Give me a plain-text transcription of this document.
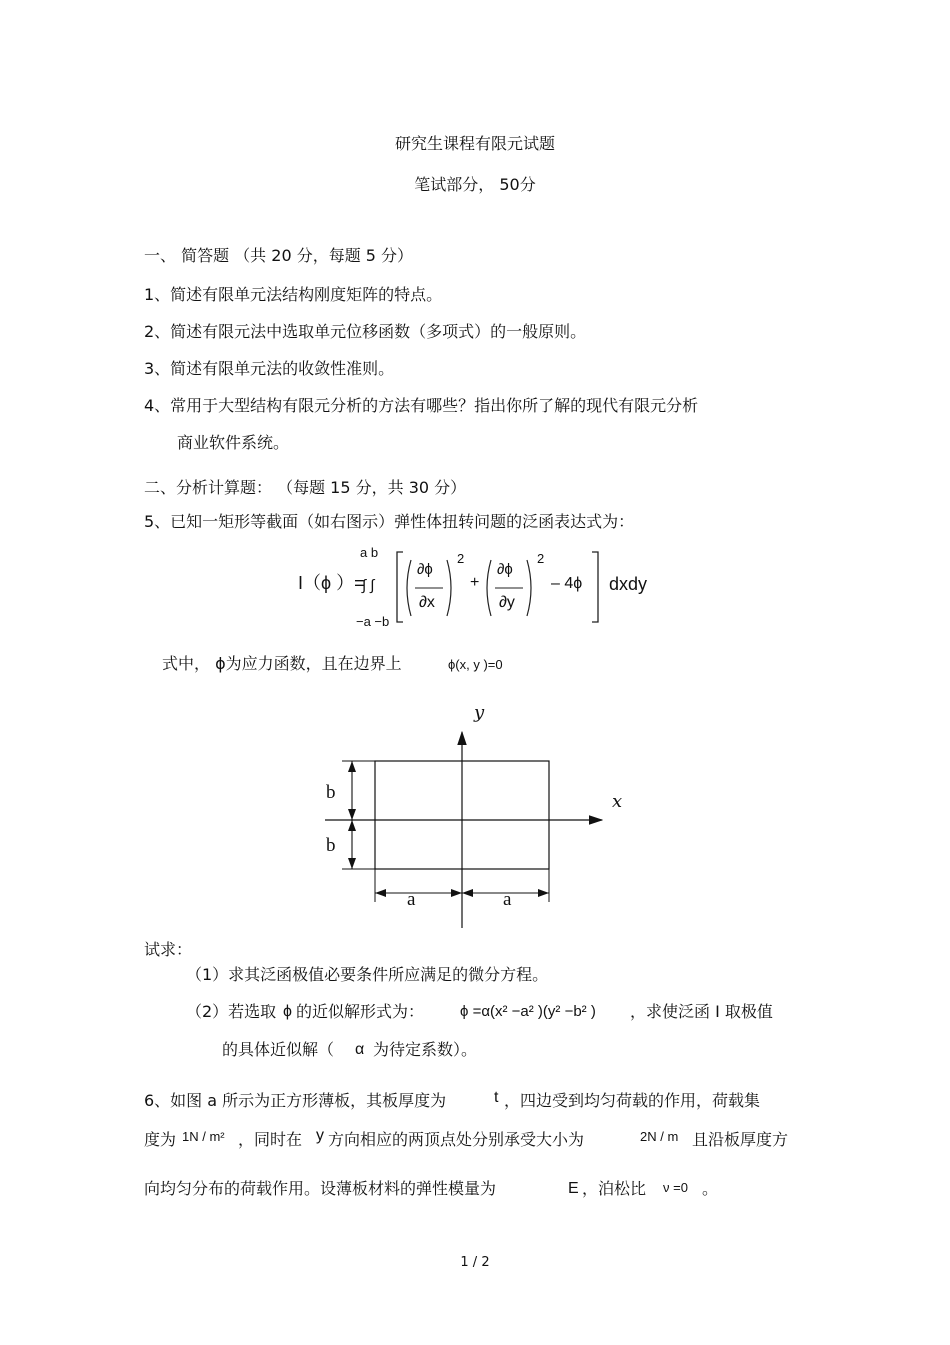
研究生课程有限元试题
笔试部分， 50分
一、 简答题 （共 20 分，每题 5 分）
1、简述有限单元法结构刚度矩阵的特点。
2、简述有限元法中选取单元位移函数（多项式）的一般原则。
3、简述有限单元法的收敛性准则。
4、常用于大型结构有限元分析的方法有哪些？指出你所了解的现代有限元分析
商业软件系统。
二、分析计算题： （每题 15 分，共 30 分）
5、已知一矩形等截面（如右图示）弹性体扭转问题的泛函表达式为：
I（ϕ ）=
a b
∫ ∫
−a −b
∂ϕ
∂x
2
+
∂ϕ
∂y
2
– 4ϕ dxdy
式中， ϕ为应力函数，且在边界上	ϕ(x, y )=0
y
x
b
b
a	a
试求：
（1）求其泛函极值必要条件所应满足的微分方程。
（2）若选取 ϕ 的近似解形式为： ϕ =α(x² −a² )(y² −b² ) ，求使泛函 I 取极值
的具体近似解（ α 为待定系数）。
6、如图 a 所示为正方形薄板，其板厚度为	t ，四边受到均匀荷载的作用，荷载集
度为 1N / m² ，同时在 y 方向相应的两顶点处分别承受大小为	2N / m 且沿板厚度方
向均匀分布的荷载作用。设薄板材料的弹性模量为	E ，泊松比 ν =0 。
1 / 2
